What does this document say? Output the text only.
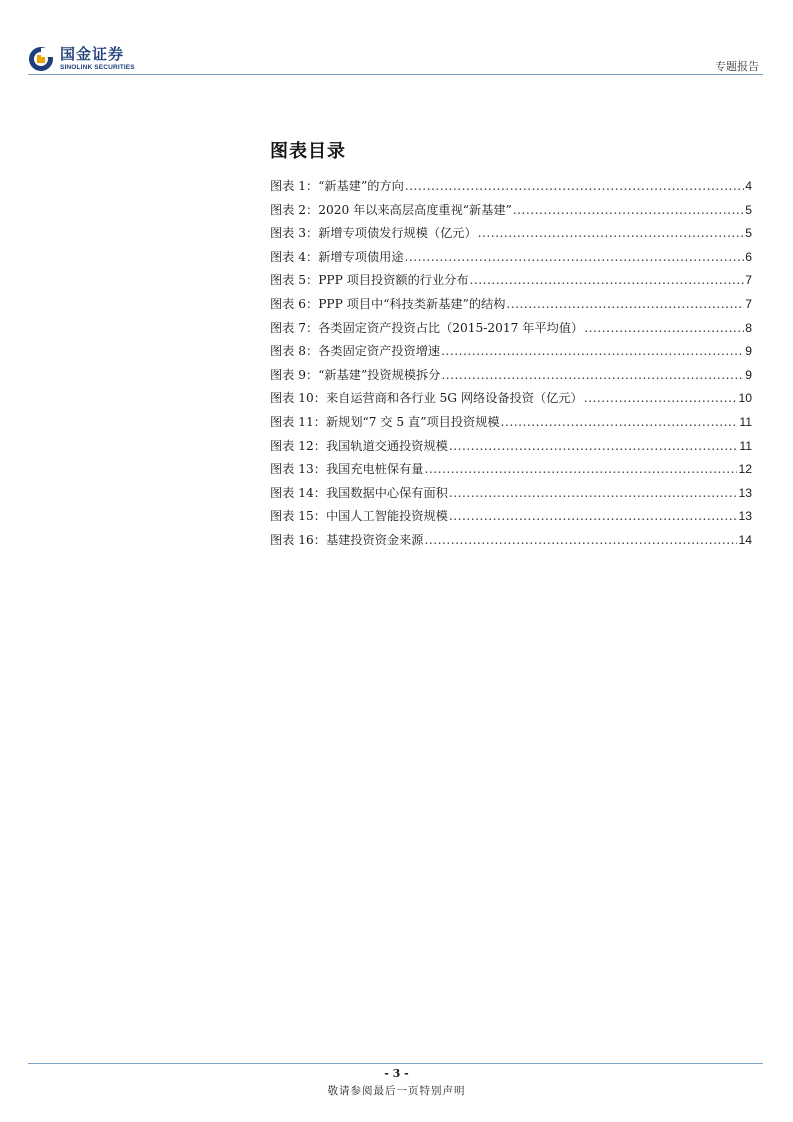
国金证券
SINOLINK SECURITIES	专题报告
图表目录
图表 1：“新基建”的方向 .....	4
图表 2：2020 年以来高层高度重视“新基建” .....	5
图表 3：新增专项债发行规模（亿元） .....	5
图表 4：新增专项债用途 .....	6
图表 5：PPP 项目投资额的行业分布 .....	7
图表 6：PPP 项目中“科技类新基建”的结构 .....	7
图表 7：各类固定资产投资占比（2015-2017 年平均值） .....	8
图表 8：各类固定资产投资增速 .....	9
图表 9：“新基建”投资规模拆分 .....	9
图表 10：来自运营商和各行业 5G 网络设备投资（亿元） .....	10
图表 11：新规划“7 交 5 直”项目投资规模 .....	11
图表 12：我国轨道交通投资规模 .....	11
图表 13：我国充电桩保有量 .....	12
图表 14：我国数据中心保有面积 .....	13
图表 15：中国人工智能投资规模 .....	13
图表 16：基建投资资金来源 .....	14
- 3 -
敬请参阅最后一页特别声明
